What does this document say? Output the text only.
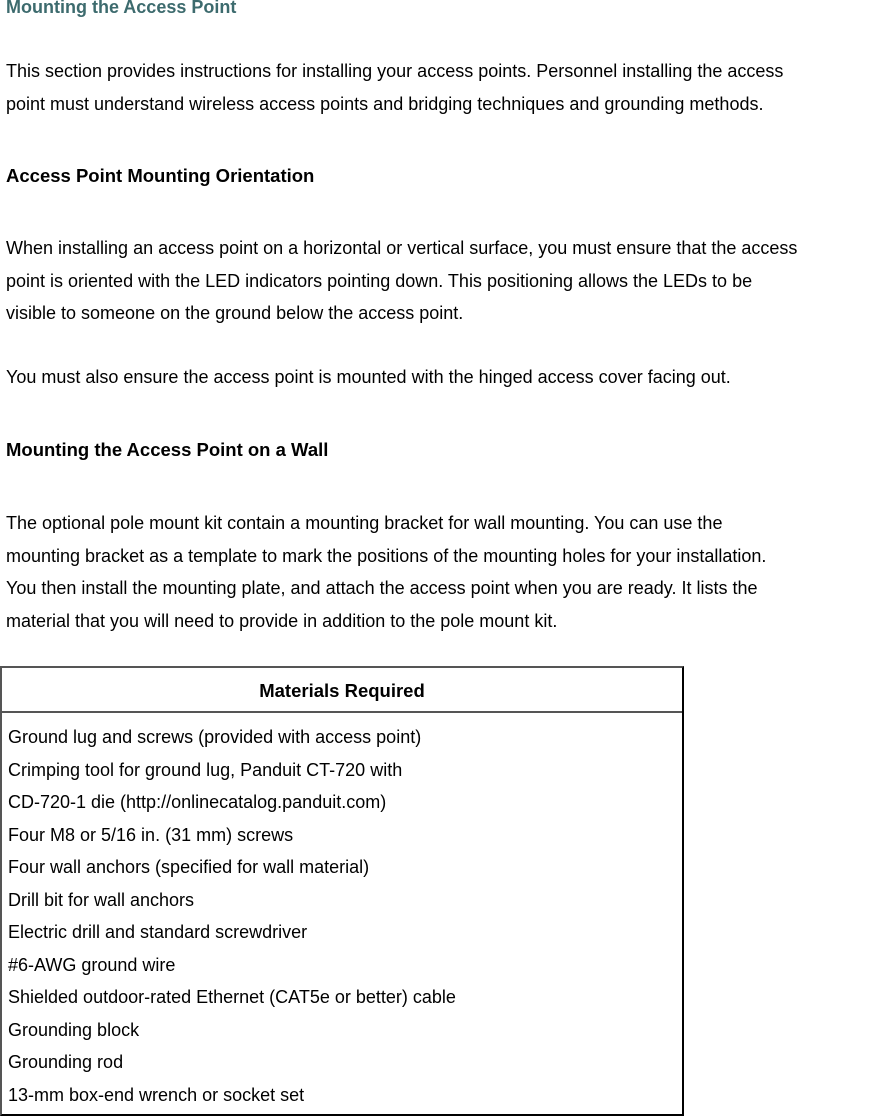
Mounting the Access Point
This section provides instructions for installing your access points. Personnel installing the access
point must understand wireless access points and bridging techniques and grounding methods.
Access Point Mounting Orientation
When installing an access point on a horizontal or vertical surface, you must ensure that the access
point is oriented with the LED indicators pointing down. This positioning allows the LEDs to be
visible to someone on the ground below the access point.
You must also ensure the access point is mounted with the hinged access cover facing out.
Mounting the Access Point on a Wall
The optional pole mount kit contain a mounting bracket for wall mounting. You can use the
mounting bracket as a template to mark the positions of the mounting holes for your installation.
You then install the mounting plate, and attach the access point when you are ready. It lists the
material that you will need to provide in addition to the pole mount kit.
Materials Required
Ground lug and screws (provided with access point)
Crimping tool for ground lug, Panduit CT-720 with
CD-720-1 die (http://onlinecatalog.panduit.com)
Four M8 or 5/16 in. (31 mm) screws
Four wall anchors (specified for wall material)
Drill bit for wall anchors
Electric drill and standard screwdriver
#6-AWG ground wire
Shielded outdoor-rated Ethernet (CAT5e or better) cable
Grounding block
Grounding rod
13-mm box-end wrench or socket set
